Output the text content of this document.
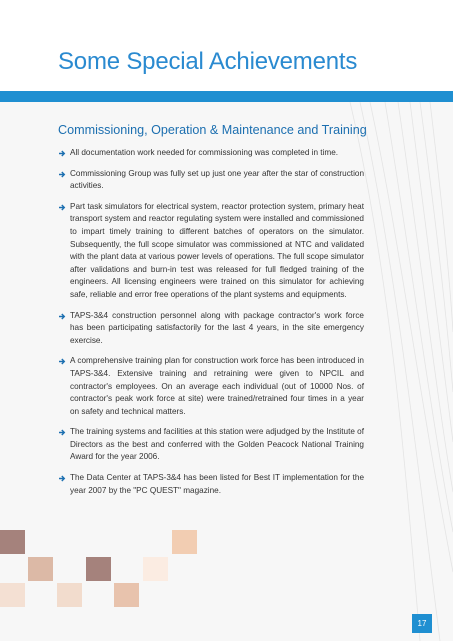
Some Special Achievements
Commissioning, Operation & Maintenance and Training
All documentation work needed for commissioning was completed in time.
Commissioning Group was fully set up just one year after the star of construction activities.
Part task simulators for electrical system, reactor protection system, primary heat transport system and reactor regulating system were installed and commissioned to impart timely training to different batches of operators on the simulator. Subsequently, the full scope simulator was commissioned at NTC and validated with the plant data at various power levels of operations. The full scope simulator after validations and burn-in test was released for full fledged training of the engineers. All licensing engineers were trained on this simulator for achieving safe, reliable and error free operations of the plant systems and equipments.
TAPS-3&4 construction personnel along with package contractor's work force has been participating satisfactorily for the last 4 years, in the site emergency exercise.
A comprehensive training plan for construction work force has been introduced in TAPS-3&4. Extensive training and retraining were given to NPCIL and contractor's employees. On an average each individual (out of 10000 Nos. of contractor's peak work force at site) were trained/retrained four times in a year on safety and technical matters.
The training systems and facilities at this station were adjudged by the Institute of Directors as the best and conferred with the Golden Peacock National Training Award for the year 2006.
The Data Center at TAPS-3&4 has been listed for Best IT implementation for the year 2007 by the "PC QUEST" magazine.
17
